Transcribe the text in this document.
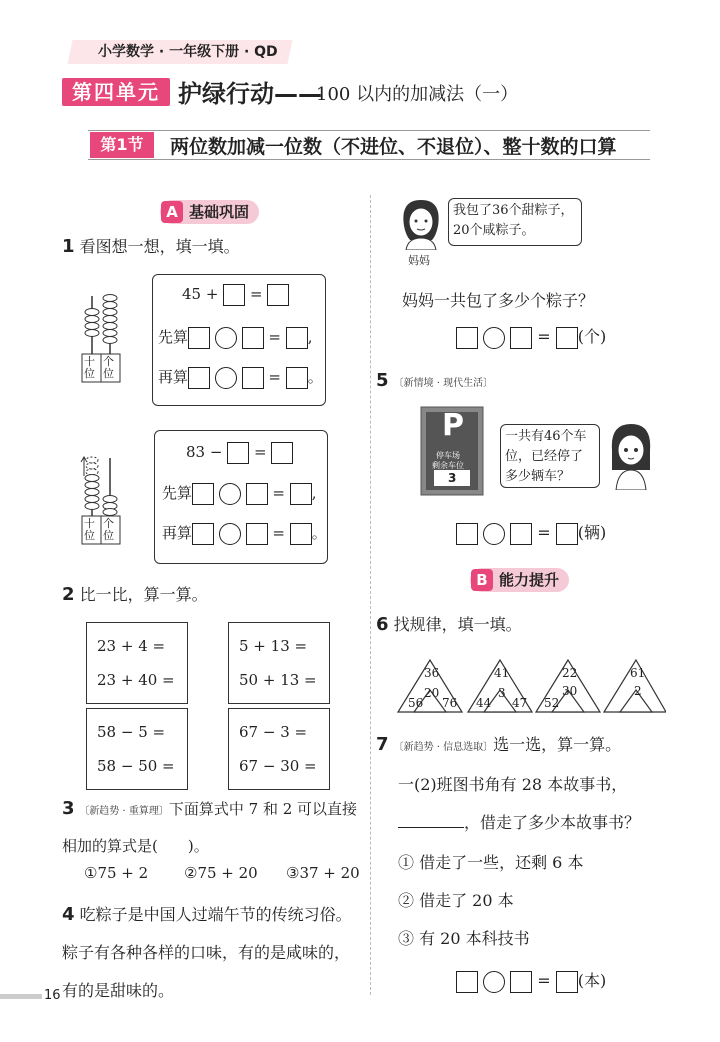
小学数学 · 一年级下册 · QD
第四单元 护绿行动——
100 以内的加减法（一）
第1节	两位数加减一位数（不进位、不退位）、整十数的口算
A 基础巩固
1 看图想一想，填一填。
十位
个位
45 +  =
先算	= ,
再算	= 。
十位
个位
83 −  =
先算	= ,
再算	= 。
2 比一比，算一算。
23 + 4 =
23 + 40 =
5 + 13 =
50 + 13 =
58 − 5 =
58 − 50 =
67 − 3 =
67 − 30 =
3 〔新趋势 · 重算理〕下面算式中 7 和 2 可以直接相加的算式是(　　)。
①75 + 2 ②75 + 20 ③37 + 20
4 吃粽子是中国人过端午节的传统习俗。粽子有各种各样的口味，有的是咸味的，有的是甜味的。
妈妈
我包了36个甜粽子，20个咸粽子。
妈妈一共包了多少个粽子？
= (个)
5 〔新情境 · 现代生活〕
P
停车场
剩余车位
3
一共有46个车位，已经停了多少辆车？
= (辆)
B 能力提升
6 找规律，填一填。
36
20
56 76
41
3
44 47
22
30
52
61
2
7 〔新趋势 · 信息选取〕选一选，算一算。
一(2)班图书角有 28 本故事书，
，借走了多少本故事书？
① 借走了一些，还剩 6 本
② 借走了 20 本
③ 有 20 本科技书
= (本)
16
